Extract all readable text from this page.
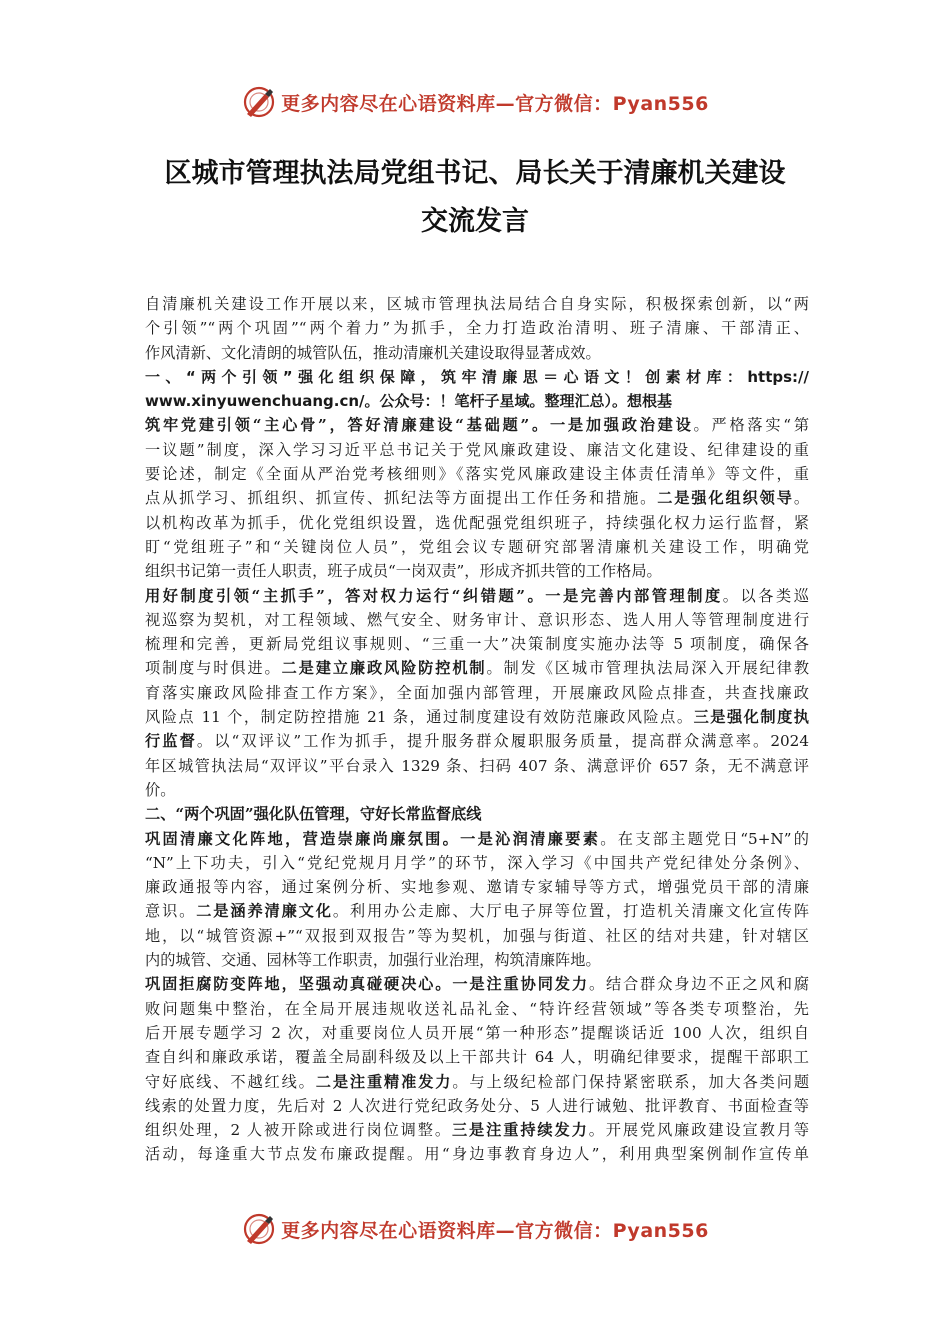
更多内容尽在心语资料库—官方微信：Pyan556
区城市管理执法局党组书记、局长关于清廉机关建设
交流发言
自清廉机关建设工作开展以来，区城市管理执法局结合自身实际，积极探索创新，以“两
个引领”“两个巩固”“两个着力”为抓手，全力打造政治清明、班子清廉、干部清正、
作风清新、文化清朗的城管队伍，推动清廉机关建设取得显著成效。
一、“两个引领”强化组织保障，筑牢清廉思＝心语文！创素材库：https://
www.xinyuwenchuang.cn/。公众号：！笔杆子星域。整理汇总）。想根基
筑牢党建引领“主心骨”，答好清廉建设“基础题”。一是加强政治建设。严格落实“第
一议题”制度，深入学习习近平总书记关于党风廉政建设、廉洁文化建设、纪律建设的重
要论述，制定《全面从严治党考核细则》《落实党风廉政建设主体责任清单》等文件，重
点从抓学习、抓组织、抓宣传、抓纪法等方面提出工作任务和措施。二是强化组织领导。
以机构改革为抓手，优化党组织设置，选优配强党组织班子，持续强化权力运行监督，紧
盯“党组班子”和“关键岗位人员”，党组会议专题研究部署清廉机关建设工作，明确党
组织书记第一责任人职责，班子成员“一岗双责”，形成齐抓共管的工作格局。
用好制度引领“主抓手”，答对权力运行“纠错题”。一是完善内部管理制度。以各类巡
视巡察为契机，对工程领域、燃气安全、财务审计、意识形态、选人用人等管理制度进行
梳理和完善，更新局党组议事规则、“三重一大”决策制度实施办法等 5 项制度，确保各
项制度与时俱进。二是建立廉政风险防控机制。制发《区城市管理执法局深入开展纪律教
育落实廉政风险排查工作方案》，全面加强内部管理，开展廉政风险点排查，共查找廉政
风险点 11 个，制定防控措施 21 条，通过制度建设有效防范廉政风险点。三是强化制度执
行监督。以“双评议”工作为抓手，提升服务群众履职服务质量，提高群众满意率。2024
年区城管执法局“双评议”平台录入 1329 条、扫码 407 条、满意评价 657 条，无不满意评
价。
二、“两个巩固”强化队伍管理，守好长常监督底线
巩固清廉文化阵地，营造崇廉尚廉氛围。一是沁润清廉要素。在支部主题党日“5+N”的
“N”上下功夫，引入“党纪党规月月学”的环节，深入学习《中国共产党纪律处分条例》、
廉政通报等内容，通过案例分析、实地参观、邀请专家辅导等方式，增强党员干部的清廉
意识。二是涵养清廉文化。利用办公走廊、大厅电子屏等位置，打造机关清廉文化宣传阵
地，以“城管资源+”“双报到双报告”等为契机，加强与街道、社区的结对共建，针对辖区
内的城管、交通、园林等工作职责，加强行业治理，构筑清廉阵地。
巩固拒腐防变阵地，坚强动真碰硬决心。一是注重协同发力。结合群众身边不正之风和腐
败问题集中整治，在全局开展违规收送礼品礼金、“特许经营领域”等各类专项整治，先
后开展专题学习 2 次，对重要岗位人员开展“第一种形态”提醒谈话近 100 人次，组织自
查自纠和廉政承诺，覆盖全局副科级及以上干部共计 64 人，明确纪律要求，提醒干部职工
守好底线、不越红线。二是注重精准发力。与上级纪检部门保持紧密联系，加大各类问题
线索的处置力度，先后对 2 人次进行党纪政务处分、5 人进行诫勉、批评教育、书面检查等
组织处理，2 人被开除或进行岗位调整。三是注重持续发力。开展党风廉政建设宣教月等
活动，每逢重大节点发布廉政提醒。用“身边事教育身边人”，利用典型案例制作宣传单
更多内容尽在心语资料库—官方微信：Pyan556
